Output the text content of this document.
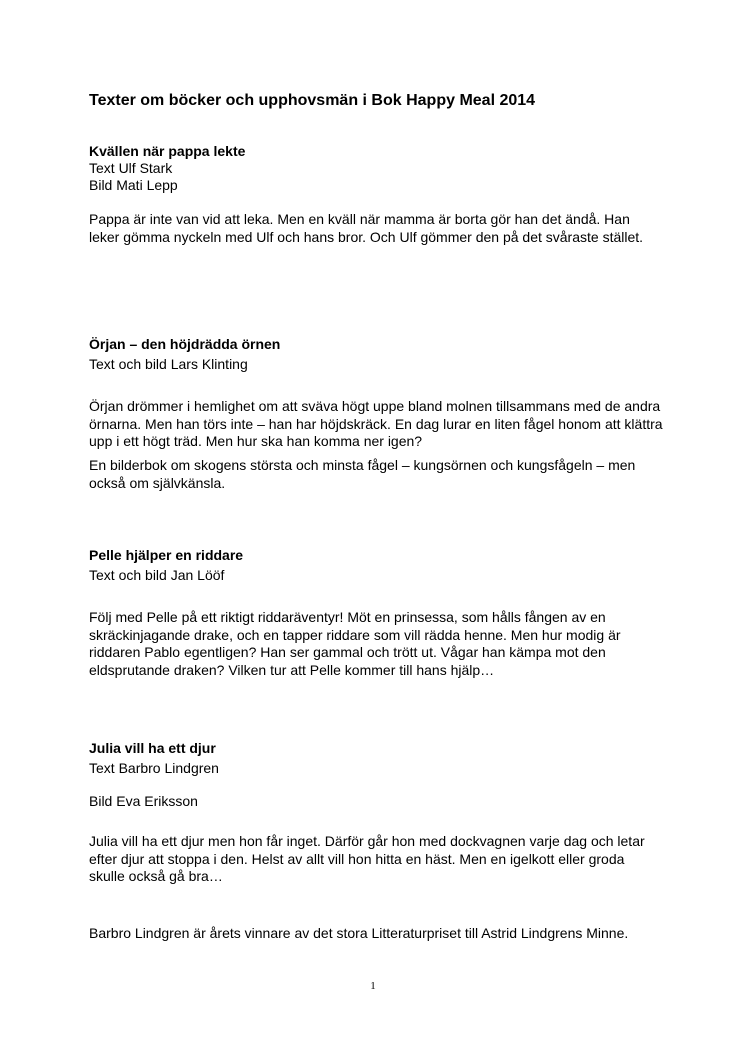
Texter om böcker och upphovsmän i Bok Happy Meal 2014
Kvällen när pappa lekte
Text Ulf Stark
Bild Mati Lepp
Pappa är inte van vid att leka. Men en kväll när mamma är borta gör han det ändå. Han leker gömma nyckeln med Ulf och hans bror. Och Ulf gömmer den på det svåraste stället.
Örjan – den höjdrädda örnen
Text och bild Lars Klinting
Örjan drömmer i hemlighet om att sväva högt uppe bland molnen tillsammans med de andra örnarna. Men han törs inte – han har höjdskräck. En dag lurar en liten fågel honom att klättra upp i ett högt träd. Men hur ska han komma ner igen?
En bilderbok om skogens största och minsta fågel – kungsörnen och kungsfågeln – men också om självkänsla.
Pelle hjälper en riddare
Text och bild Jan Lööf
Följ med Pelle på ett riktigt riddaräventyr! Möt en prinsessa, som hålls fången av en skräckinjagande drake, och en tapper riddare som vill rädda henne. Men hur modig är riddaren Pablo egentligen? Han ser gammal och trött ut. Vågar han kämpa mot den eldsprutande draken? Vilken tur att Pelle kommer till hans hjälp…
Julia vill ha ett djur
Text Barbro Lindgren
Bild Eva Eriksson
Julia vill ha ett djur men hon får inget. Därför går hon med dockvagnen varje dag och letar efter djur att stoppa i den. Helst av allt vill hon hitta en häst. Men en igelkott eller groda skulle också gå bra…
Barbro Lindgren är årets vinnare av det stora Litteraturpriset till Astrid Lindgrens Minne.
1
